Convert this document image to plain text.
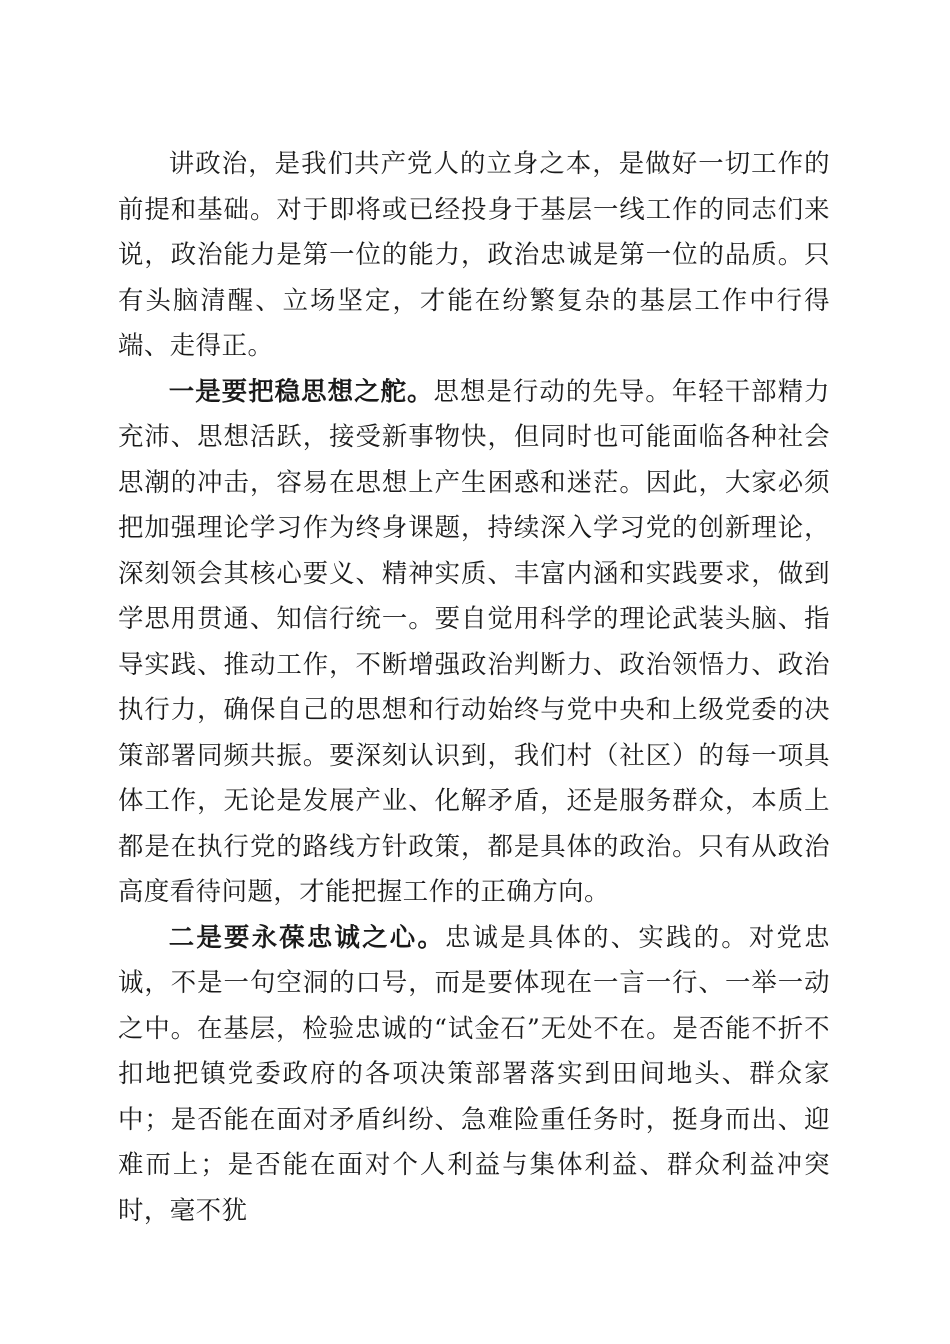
讲政治，是我们共产党人的立身之本，是做好一切工作的前提和基础。对于即将或已经投身于基层一线工作的同志们来说，政治能力是第一位的能力，政治忠诚是第一位的品质。只有头脑清醒、立场坚定，才能在纷繁复杂的基层工作中行得端、走得正。

一是要把稳思想之舵。思想是行动的先导。年轻干部精力充沛、思想活跃，接受新事物快，但同时也可能面临各种社会思潮的冲击，容易在思想上产生困惑和迷茫。因此，大家必须把加强理论学习作为终身课题，持续深入学习党的创新理论，深刻领会其核心要义、精神实质、丰富内涵和实践要求，做到学思用贯通、知信行统一。要自觉用科学的理论武装头脑、指导实践、推动工作，不断增强政治判断力、政治领悟力、政治执行力，确保自己的思想和行动始终与党中央和上级党委的决策部署同频共振。要深刻认识到，我们村（社区）的每一项具体工作，无论是发展产业、化解矛盾，还是服务群众，本质上都是在执行党的路线方针政策，都是具体的政治。只有从政治高度看待问题，才能把握工作的正确方向。

二是要永葆忠诚之心。忠诚是具体的、实践的。对党忠诚，不是一句空洞的口号，而是要体现在一言一行、一举一动之中。在基层，检验忠诚的“试金石”无处不在。是否能不折不扣地把镇党委政府的各项决策部署落实到田间地头、群众家中；是否能在面对矛盾纠纷、急难险重任务时，挺身而出、迎难而上；是否能在面对个人利益与集体利益、群众利益冲突时，毫不犹
